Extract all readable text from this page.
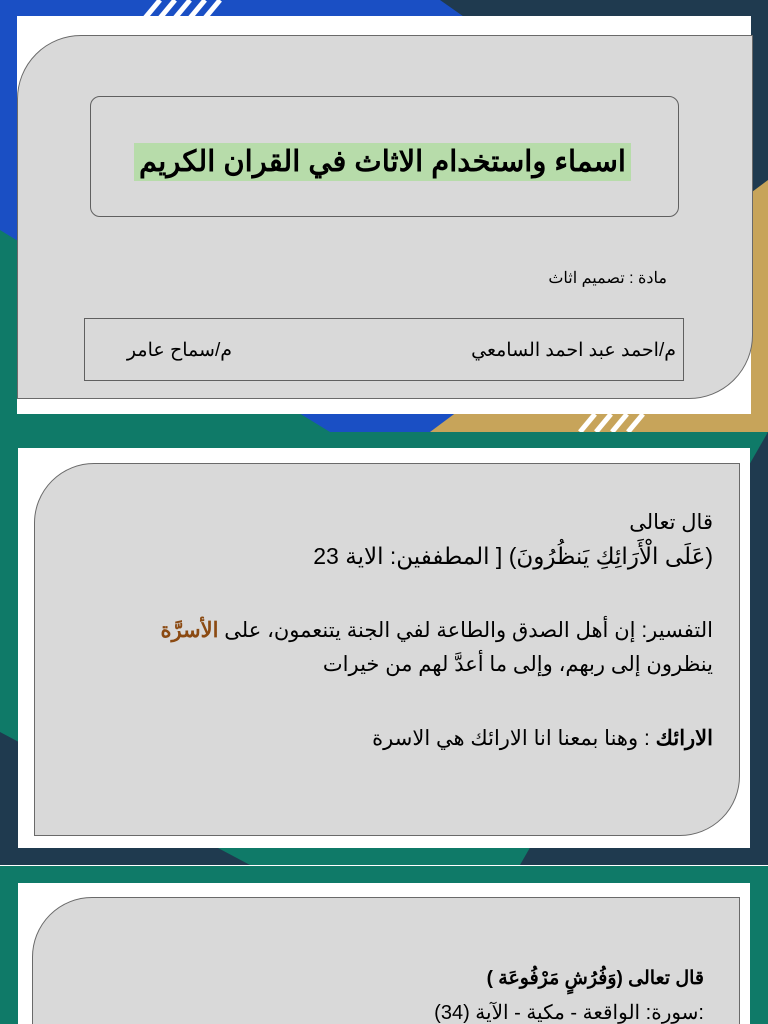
اسماء واستخدام الاثاث في القران الكريم
مادة : تصميم اثاث
م/احمد عبد احمد السامعي
م/سماح عامر
قال تعالى
(عَلَى الْأَرَائِكِ يَنظُرُونَ) [ المطففين: الاية 23
التفسير: إن أهل الصدق والطاعة لفي الجنة يتنعمون، على الأسرَّة
ينظرون إلى ربهم، وإلى ما أعدَّ لهم من خيرات
الارائك : وهنا بمعنا انا الارائك هي الاسرة
قال تعالى (وَفُرُشٍ مَرْفُوعَة )
:سورة: الواقعة - مكية - الآية (34)
